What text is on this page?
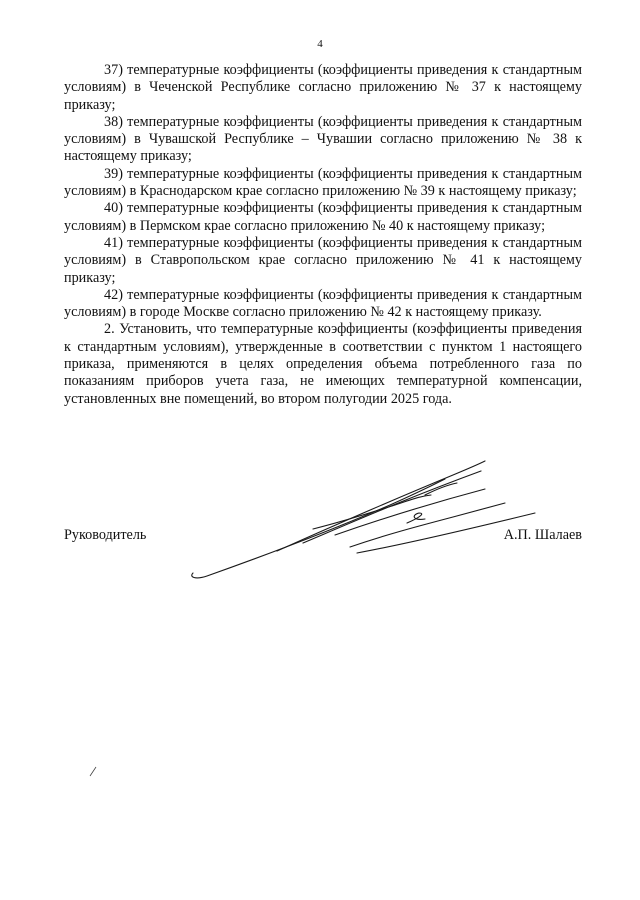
4

37) температурные коэффициенты (коэффициенты приведения к стандартным условиям) в Чеченской Республике согласно приложению № 37 к настоящему приказу;

38) температурные коэффициенты (коэффициенты приведения к стандартным условиям) в Чувашской Республике – Чувашии согласно приложению № 38 к настоящему приказу;

39) температурные коэффициенты (коэффициенты приведения к стандартным условиям) в Краснодарском крае согласно приложению № 39 к настоящему приказу;

40) температурные коэффициенты (коэффициенты приведения к стандартным условиям) в Пермском крае согласно приложению № 40 к настоящему приказу;

41) температурные коэффициенты (коэффициенты приведения к стандартным условиям) в Ставропольском крае согласно приложению № 41 к настоящему приказу;

42) температурные коэффициенты (коэффициенты приведения к стандартным условиям) в городе Москве согласно приложению № 42 к настоящему приказу.

2. Установить, что температурные коэффициенты (коэффициенты приведения к стандартным условиям), утвержденные в соответствии с пунктом 1 настоящего приказа, применяются в целях определения объема потребленного газа по показаниям приборов учета газа, не имеющих температурной компенсации, установленных вне помещений, во втором полугодии 2025 года.

Руководитель	А.П. Шалаев
